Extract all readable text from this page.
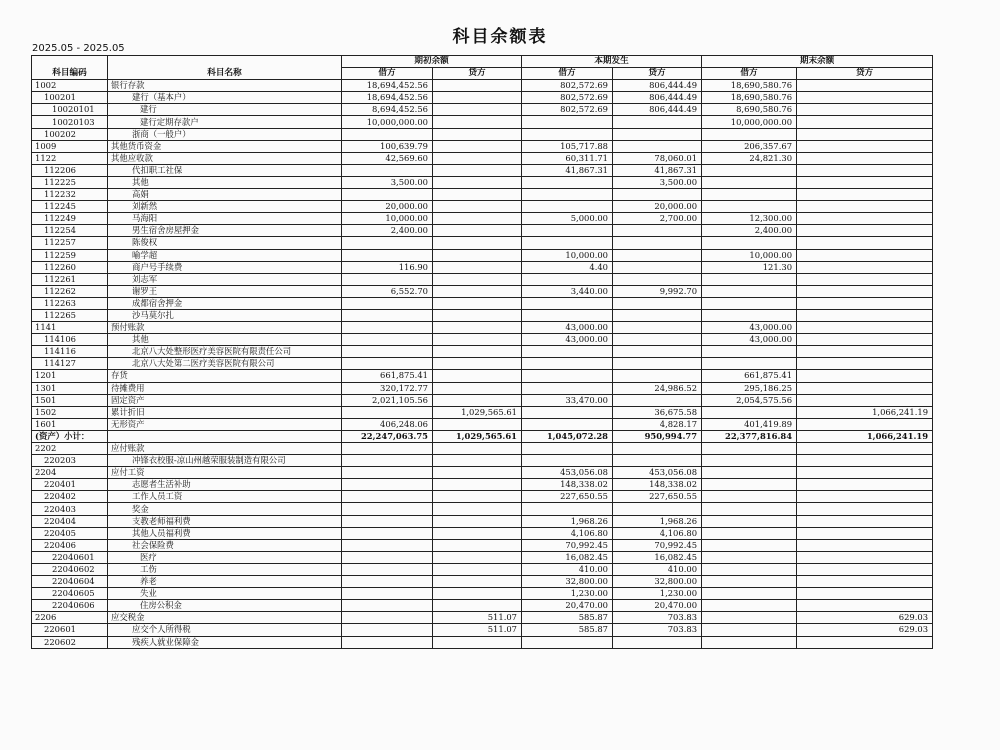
科目余额表
2025.05 - 2025.05
科目编码	科目名称	期初余额		本期发生		期末余额	
		借方	贷方	借方	贷方	借方	贷方
1002	银行存款	18,694,452.56		802,572.69	806,444.49	18,690,580.76	
100201	建行（基本户）	18,694,452.56		802,572.69	806,444.49	18,690,580.76	
10020101	建行	8,694,452.56		802,572.69	806,444.49	8,690,580.76	
10020103	建行定期存款户	10,000,000.00				10,000,000.00	
100202	浙商（一般户）						
1009	其他货币资金	100,639.79		105,717.88		206,357.67	
1122	其他应收款	42,569.60		60,311.71	78,060.01	24,821.30	
112206	代扣职工社保			41,867.31	41,867.31		
112225	其他	3,500.00			3,500.00		
112232	高娟						
112245	刘新然	20,000.00			20,000.00		
112249	马海阳	10,000.00		5,000.00	2,700.00	12,300.00	
112254	男生宿舍房屋押金	2,400.00				2,400.00	
112257	陈俊权						
112259	喻学超			10,000.00		10,000.00	
112260	商户号手续费	116.90		4.40		121.30	
112261	刘志军						
112262	谢罗王	6,552.70		3,440.00	9,992.70		
112263	成都宿舍押金						
112265	沙马莫尔扎						
1141	预付账款			43,000.00		43,000.00	
114106	其他			43,000.00		43,000.00	
114116	北京八大处整形医疗美容医院有限责任公司						
114127	北京八大处第二医疗美容医院有限公司						
1201	存货	661,875.41				661,875.41	
1301	待摊费用	320,172.77			24,986.52	295,186.25	
1501	固定资产	2,021,105.56		33,470.00		2,054,575.56	
1502	累计折旧		1,029,565.61		36,675.58		1,066,241.19
1601	无形资产	406,248.06			4,828.17	401,419.89	
(资产）小计：		22,247,063.75	1,029,565.61	1,045,072.28	950,994.77	22,377,816.84	1,066,241.19
2202	应付账款						
220203	冲锋衣校服-凉山州越荣服装制造有限公司						
2204	应付工资			453,056.08	453,056.08		
220401	志愿者生活补助			148,338.02	148,338.02		
220402	工作人员工资			227,650.55	227,650.55		
220403	奖金						
220404	支教老师福利费			1,968.26	1,968.26		
220405	其他人员福利费			4,106.80	4,106.80		
220406	社会保险费			70,992.45	70,992.45		
22040601	医疗			16,082.45	16,082.45		
22040602	工伤			410.00	410.00		
22040604	养老			32,800.00	32,800.00		
22040605	失业			1,230.00	1,230.00		
22040606	住房公积金			20,470.00	20,470.00		
2206	应交税金		511.07	585.87	703.83		629.03
220601	应交个人所得税		511.07	585.87	703.83		629.03
220602	残疾人就业保障金						
